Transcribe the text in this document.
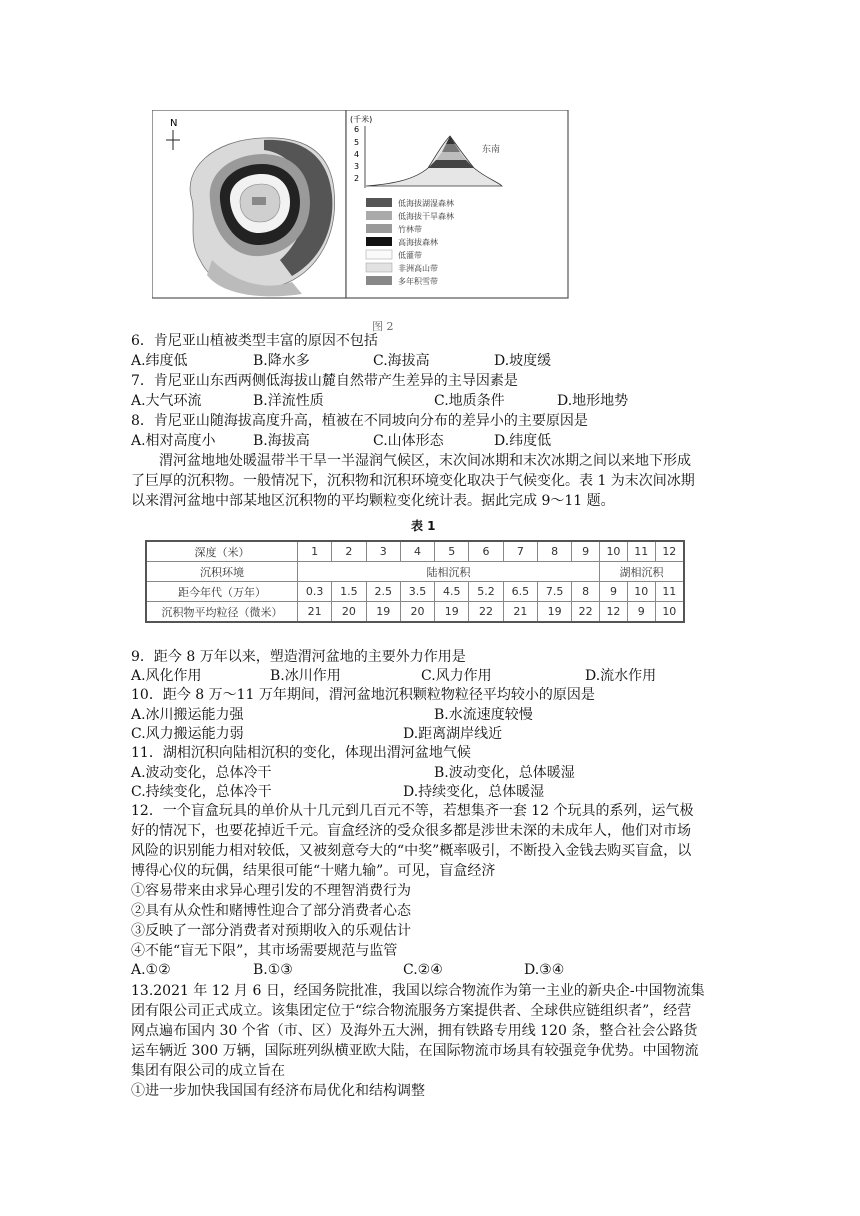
N	(千米)
6
5
4
3
2
东南
低海拔湖湿森林
低海拔干旱森林
竹林带
高海拔森林
低灌带
非洲高山带
多年积雪带
图 2
6．肯尼亚山植被类型丰富的原因不包括
A.纬度低	B.降水多	C.海拔高	D.坡度缓
7．肯尼亚山东西两侧低海拔山麓自然带产生差异的主导因素是
A.大气环流	B.洋流性质	C.地质条件	D.地形地势
8．肯尼亚山随海拔高度升高，植被在不同坡向分布的差异小的主要原因是
A.相对高度小	B.海拔高	C.山体形态	D.纬度低
渭河盆地地处暖温带半干旱一半湿润气候区，末次间冰期和末次冰期之间以来地下形成
了巨厚的沉积物。一般情况下，沉积物和沉积环境变化取决于气候变化。表 1 为末次间冰期
以来渭河盆地中部某地区沉积物的平均颗粒变化统计表。据此完成 9～11 题。
表 1
深度（米）	1	2	3	4	5	6	7	8	9	10	11	12
沉积环境	陆相沉积									湖相沉积		
距今年代（万年）	0.3	1.5	2.5	3.5	4.5	5.2	6.5	7.5	8	9	10	11
沉积物平均粒径（微米）	21	20	19	20	19	22	21	19	22	12	9	10
9．距今 8 万年以来，塑造渭河盆地的主要外力作用是
A.风化作用	B.冰川作用	C.风力作用	D.流水作用
10．距今 8 万～11 万年期间，渭河盆地沉积颗粒物粒径平均较小的原因是
A.冰川搬运能力强	B.水流速度较慢
C.风力搬运能力弱	D.距离湖岸线近
11．湖相沉积向陆相沉积的变化，体现出渭河盆地气候
A.波动变化，总体冷干	B.波动变化，总体暖湿
C.持续变化，总体冷干	D.持续变化，总体暖湿
12．一个盲盒玩具的单价从十几元到几百元不等，若想集齐一套 12 个玩具的系列，运气极
好的情况下，也要花掉近千元。盲盒经济的受众很多都是涉世未深的未成年人，他们对市场
风险的识别能力相对较低，又被刻意夸大的“中奖”概率吸引，不断投入金钱去购买盲盒，以
博得心仪的玩偶，结果很可能“十赌九输”。可见，盲盒经济
①容易带来由求异心理引发的不理智消费行为
②具有从众性和赌博性迎合了部分消费者心态
③反映了一部分消费者对预期收入的乐观估计
④不能“盲无下限”，其市场需要规范与监管
A.①②	B.①③	C.②④	D.③④
13.2021 年 12 月 6 日，经国务院批准，我国以综合物流作为第一主业的新央企-中国物流集
团有限公司正式成立。该集团定位于“综合物流服务方案提供者、全球供应链组织者”，经营
网点遍布国内 30 个省（市、区）及海外五大洲，拥有铁路专用线 120 条，整合社会公路货
运车辆近 300 万辆，国际班列纵横亚欧大陆，在国际物流市场具有较强竞争优势。中国物流
集团有限公司的成立旨在
①进一步加快我国国有经济布局优化和结构调整
